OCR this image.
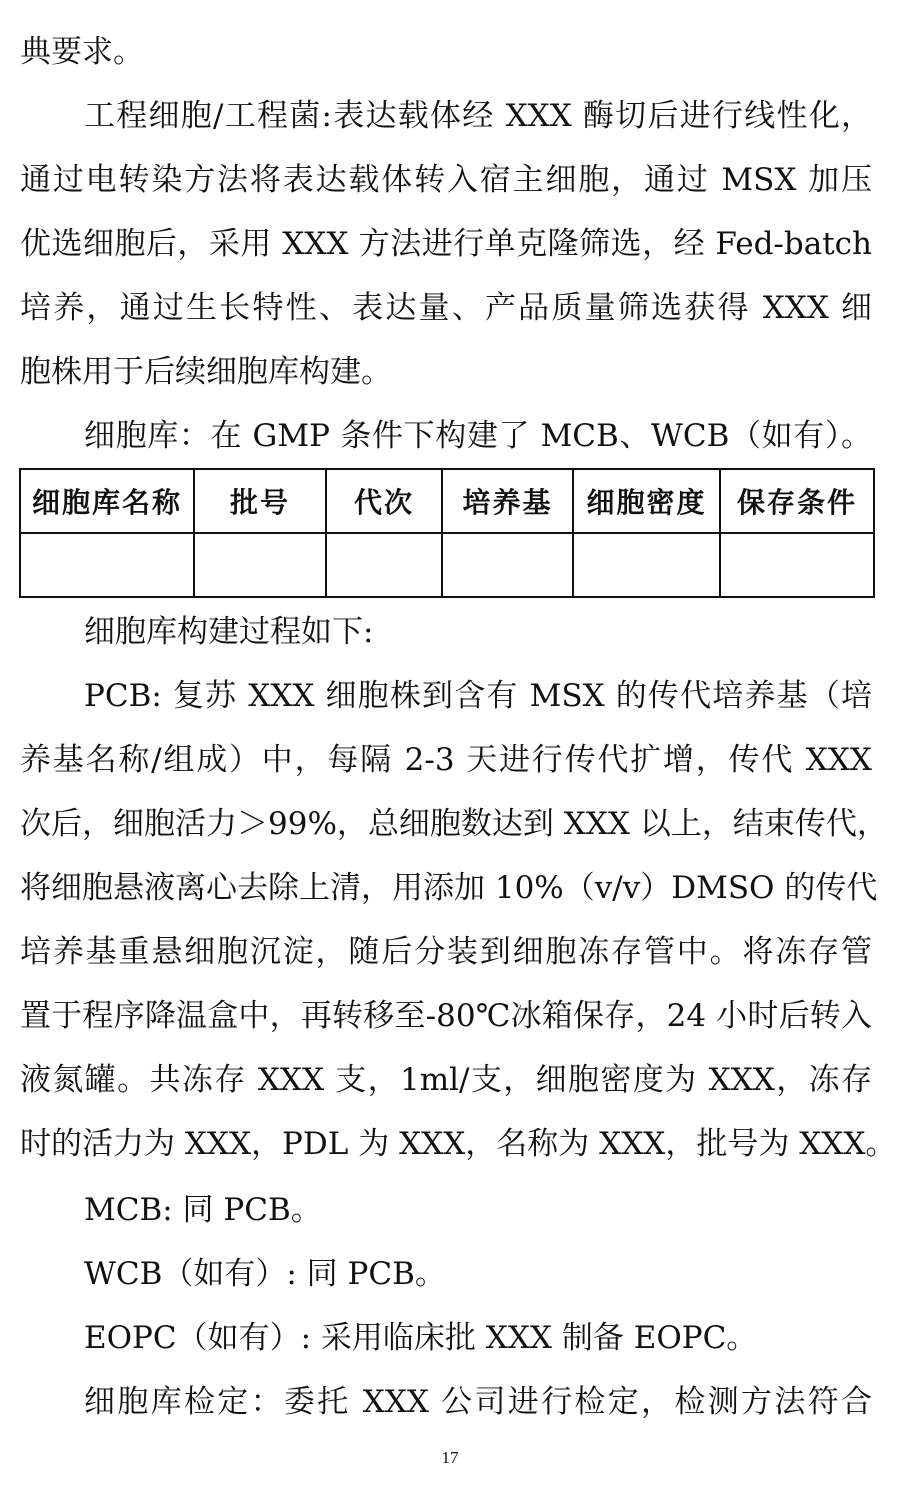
典要求。
工程细胞/工程菌:表达载体经 XXX 酶切后进行线性化，
通过电转染方法将表达载体转入宿主细胞，通过 MSX 加压
优选细胞后，采用 XXX 方法进行单克隆筛选，经 Fed-batch
培养，通过生长特性、表达量、产品质量筛选获得 XXX 细
胞株用于后续细胞库构建。
细胞库：在 GMP 条件下构建了 MCB、WCB（如有）。
细胞库名称	批号	代次	培养基	细胞密度	保存条件

细胞库构建过程如下:
PCB: 复苏 XXX 细胞株到含有 MSX 的传代培养基（培
养基名称/组成）中，每隔 2-3 天进行传代扩增，传代 XXX
次后，细胞活力＞99%，总细胞数达到 XXX 以上，结束传代，
将细胞悬液离心去除上清，用添加 10%（v/v）DMSO 的传代
培养基重悬细胞沉淀，随后分装到细胞冻存管中。将冻存管
置于程序降温盒中，再转移至-80℃冰箱保存，24 小时后转入
液氮罐。共冻存 XXX 支，1ml/支，细胞密度为 XXX，冻存
时的活力为 XXX，PDL 为 XXX，名称为 XXX，批号为 XXX。
MCB: 同 PCB。
WCB（如有）: 同 PCB。
EOPC（如有）: 采用临床批 XXX 制备 EOPC。
细胞库检定：委托 XXX 公司进行检定，检测方法符合
17
